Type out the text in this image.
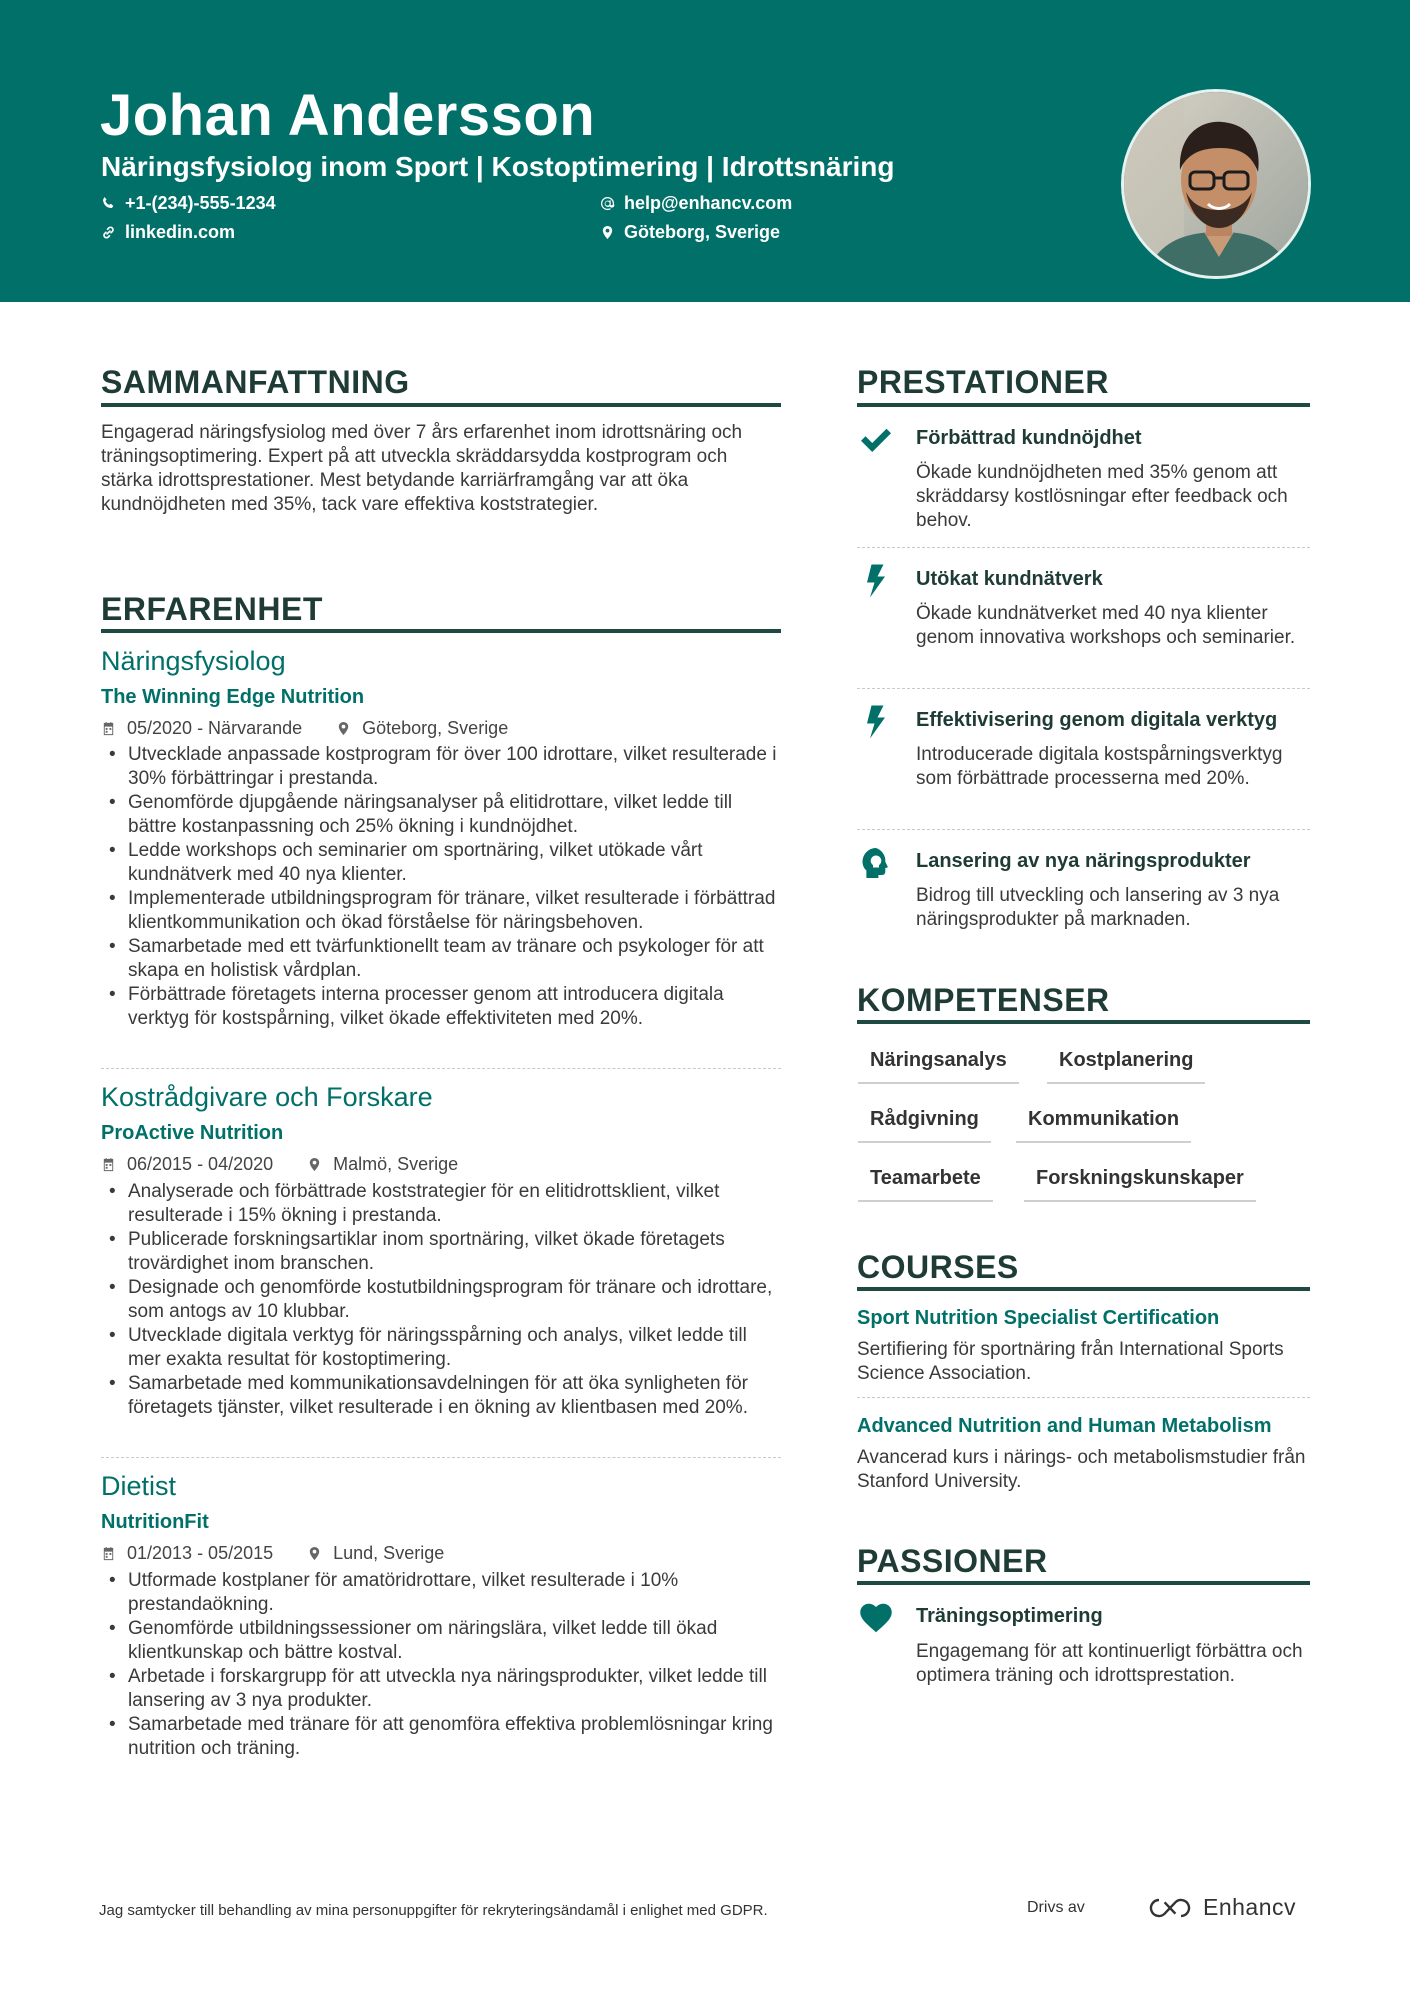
Johan Andersson
Näringsfysiolog inom Sport | Kostoptimering | Idrottsnäring
+1-(234)-555-1234	help@enhancv.com
linkedin.com	Göteborg, Sverige
SAMMANFATTNING
Engagerad näringsfysiolog med över 7 års erfarenhet inom idrottsnäring och träningsoptimering. Expert på att utveckla skräddarsydda kostprogram och stärka idrottsprestationer. Mest betydande karriärframgång var att öka kundnöjdheten med 35%, tack vare effektiva koststrategier.
ERFARENHET
Näringsfysiolog
The Winning Edge Nutrition
05/2020 - Närvarande	Göteborg, Sverige
• Utvecklade anpassade kostprogram för över 100 idrottare, vilket resulterade i 30% förbättringar i prestanda.
• Genomförde djupgående näringsanalyser på elitidrottare, vilket ledde till bättre kostanpassning och 25% ökning i kundnöjdhet.
• Ledde workshops och seminarier om sportnäring, vilket utökade vårt kundnätverk med 40 nya klienter.
• Implementerade utbildningsprogram för tränare, vilket resulterade i förbättrad klientkommunikation och ökad förståelse för näringsbehoven.
• Samarbetade med ett tvärfunktionellt team av tränare och psykologer för att skapa en holistisk vårdplan.
• Förbättrade företagets interna processer genom att introducera digitala verktyg för kostspårning, vilket ökade effektiviteten med 20%.
Kostrådgivare och Forskare
ProActive Nutrition
06/2015 - 04/2020	Malmö, Sverige
• Analyserade och förbättrade koststrategier för en elitidrottsklient, vilket resulterade i 15% ökning i prestanda.
• Publicerade forskningsartiklar inom sportnäring, vilket ökade företagets trovärdighet inom branschen.
• Designade och genomförde kostutbildningsprogram för tränare och idrottare, som antogs av 10 klubbar.
• Utvecklade digitala verktyg för näringsspårning och analys, vilket ledde till mer exakta resultat för kostoptimering.
• Samarbetade med kommunikationsavdelningen för att öka synligheten för företagets tjänster, vilket resulterade i en ökning av klientbasen med 20%.
Dietist
NutritionFit
01/2013 - 05/2015	Lund, Sverige
• Utformade kostplaner för amatöridrottare, vilket resulterade i 10% prestandaökning.
• Genomförde utbildningssessioner om näringslära, vilket ledde till ökad klientkunskap och bättre kostval.
• Arbetade i forskargrupp för att utveckla nya näringsprodukter, vilket ledde till lansering av 3 nya produkter.
• Samarbetade med tränare för att genomföra effektiva problemlösningar kring nutrition och träning.
PRESTATIONER
Förbättrad kundnöjdhet
Ökade kundnöjdheten med 35% genom att skräddarsy kostlösningar efter feedback och behov.
Utökat kundnätverk
Ökade kundnätverket med 40 nya klienter genom innovativa workshops och seminarier.
Effektivisering genom digitala verktyg
Introducerade digitala kostspårningsverktyg som förbättrade processerna med 20%.
Lansering av nya näringsprodukter
Bidrog till utveckling och lansering av 3 nya näringsprodukter på marknaden.
KOMPETENSER
Näringsanalys	Kostplanering
Rådgivning	Kommunikation
Teamarbete	Forskningskunskaper
COURSES
Sport Nutrition Specialist Certification
Sertifiering för sportnäring från International Sports Science Association.
Advanced Nutrition and Human Metabolism
Avancerad kurs i närings- och metabolismstudier från Stanford University.
PASSIONER
Träningsoptimering
Engagemang för att kontinuerligt förbättra och optimera träning och idrottsprestation.
Jag samtycker till behandling av mina personuppgifter för rekryteringsändamål i enlighet med GDPR.	Drivs av	Enhancv
